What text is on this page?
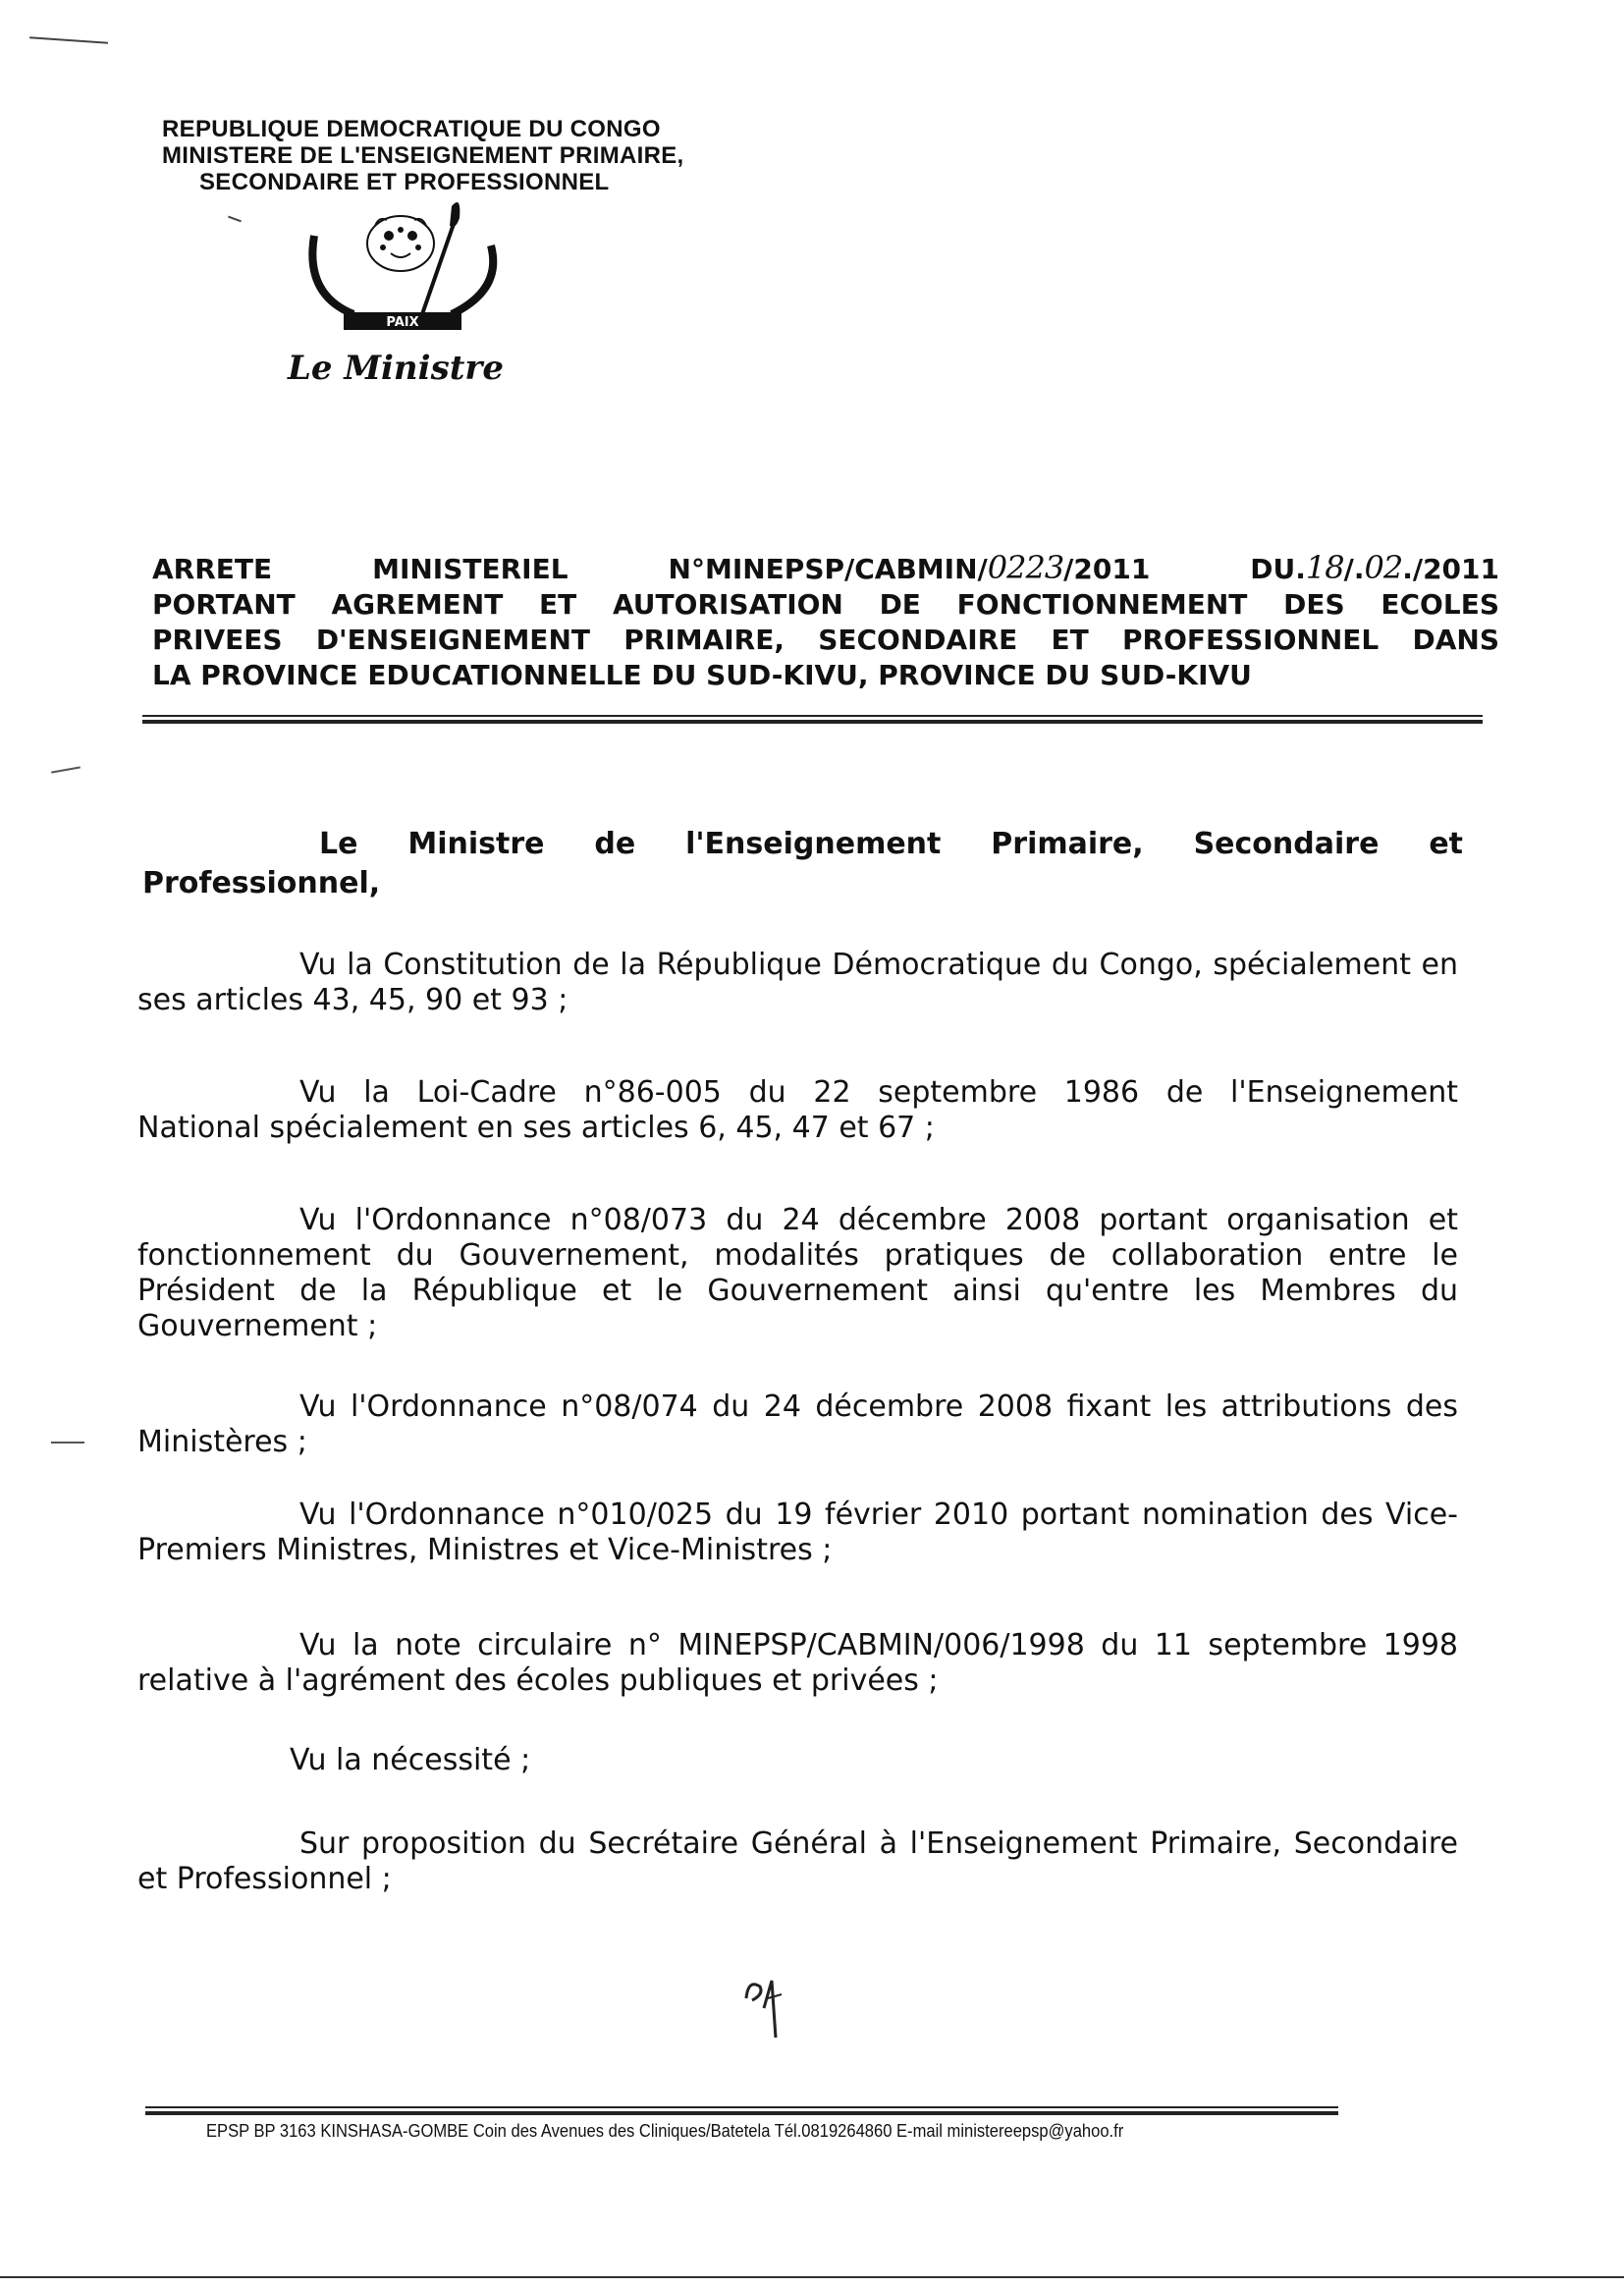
REPUBLIQUE DEMOCRATIQUE DU CONGO
MINISTERE DE L'ENSEIGNEMENT PRIMAIRE,
SECONDAIRE ET PROFESSIONNEL
PAIX
Le Ministre
ARRETE	MINISTERIEL	N°MINEPSP/CABMIN/0223/2011	DU.18/.02./2011
PORTANT AGREMENT ET AUTORISATION DE FONCTIONNEMENT DES ECOLES
PRIVEES D'ENSEIGNEMENT PRIMAIRE, SECONDAIRE ET PROFESSIONNEL DANS
LA PROVINCE EDUCATIONNELLE DU SUD-KIVU, PROVINCE DU SUD-KIVU
Le Ministre de l'Enseignement Primaire, Secondaire et
Professionnel,
Vu la Constitution de la République Démocratique du Congo, spécialement en
ses articles 43, 45, 90 et 93 ;
Vu la Loi-Cadre n°86-005 du 22 septembre 1986 de l'Enseignement
National spécialement en ses articles 6, 45, 47 et 67 ;
Vu l'Ordonnance n°08/073 du 24 décembre 2008 portant organisation et
fonctionnement du Gouvernement, modalités pratiques de collaboration entre le Président de la République et le Gouvernement ainsi qu'entre les Membres du Gouvernement ;
Vu l'Ordonnance n°08/074 du 24 décembre 2008 fixant les attributions des
Ministères ;
Vu l'Ordonnance n°010/025 du 19 février 2010 portant nomination des Vice-
Premiers Ministres, Ministres et Vice-Ministres ;
Vu la note circulaire n° MINEPSP/CABMIN/006/1998 du 11 septembre 1998
relative à l'agrément des écoles publiques et privées ;
Vu la nécessité ;
Sur proposition du Secrétaire Général à l'Enseignement Primaire, Secondaire
et Professionnel ;
EPSP BP 3163 KINSHASA-GOMBE Coin des Avenues des Cliniques/Batetela Tél.0819264860 E-mail ministereepsp@yahoo.fr
